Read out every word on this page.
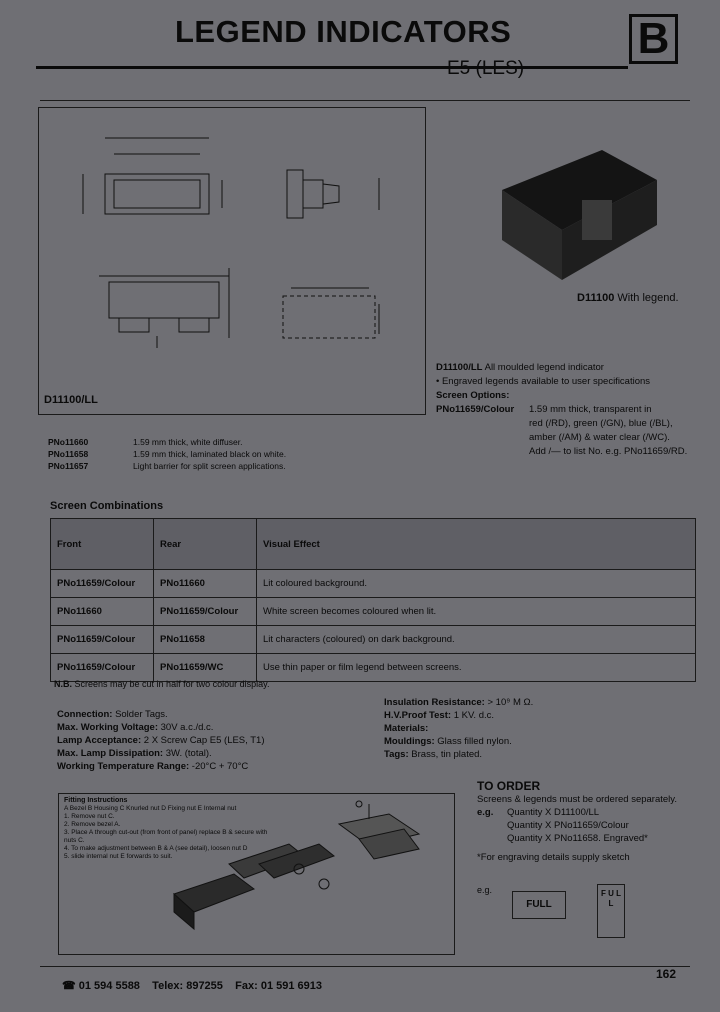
LEGEND INDICATORS	B
E5 (LES)
D11100/LL
D11100 With legend.
D11100/LL All moulded legend indicator
• Engraved legends available to user specifications
Screen Options:
PNo11659/Colour	1.59 mm thick, transparent in
red (/RD), green (/GN), blue (/BL),
amber (/AM) & water clear (/WC).
Add /— to list No. e.g. PNo11659/RD.
PNo11660	1.59 mm thick, white diffuser.
PNo11658	1.59 mm thick, laminated black on white.
PNo11657	Light barrier for split screen applications.
Screen Combinations
Front	Rear	Visual Effect
PNo11659/Colour	PNo11660	Lit coloured background.
PNo11660	PNo11659/Colour	White screen becomes coloured when lit.
PNo11659/Colour	PNo11658	Lit characters (coloured) on dark background.
PNo11659/Colour	PNo11659/WC	Use thin paper or film legend between screens.
N.B. Screens may be cut in half for two colour display.
Connection: Solder Tags.
Max. Working Voltage: 30V a.c./d.c.
Lamp Acceptance: 2 X Screw Cap E5 (LES, T1)
Max. Lamp Dissipation: 3W. (total).
Working Temperature Range: -20°C + 70°C
Insulation Resistance: > 10⁹ M Ω.
H.V.Proof Test: 1 KV. d.c.
Materials:
Mouldings: Glass filled nylon.
Tags: Brass, tin plated.
Fitting Instructions
A Bezel B Housing C Knurled nut D Fixing nut E Internal nut
1. Remove nut C.
2. Remove bezel A.
3. Place A through cut-out (from front of panel) replace B & secure with
nuts C.
4. To make adjustment between B & A (see detail), loosen nut D
5. slide internal nut E forwards to suit.
TO ORDER
Screens & legends must be ordered separately.
e.g.	Quantity X D11100/LL
Quantity X PNo11659/Colour
Quantity X PNo11658. Engraved*
*For engraving details supply sketch
e.g.
FULL
F U L L
☎ 01 594 5588 Telex: 897255 Fax: 01 591 6913
162
